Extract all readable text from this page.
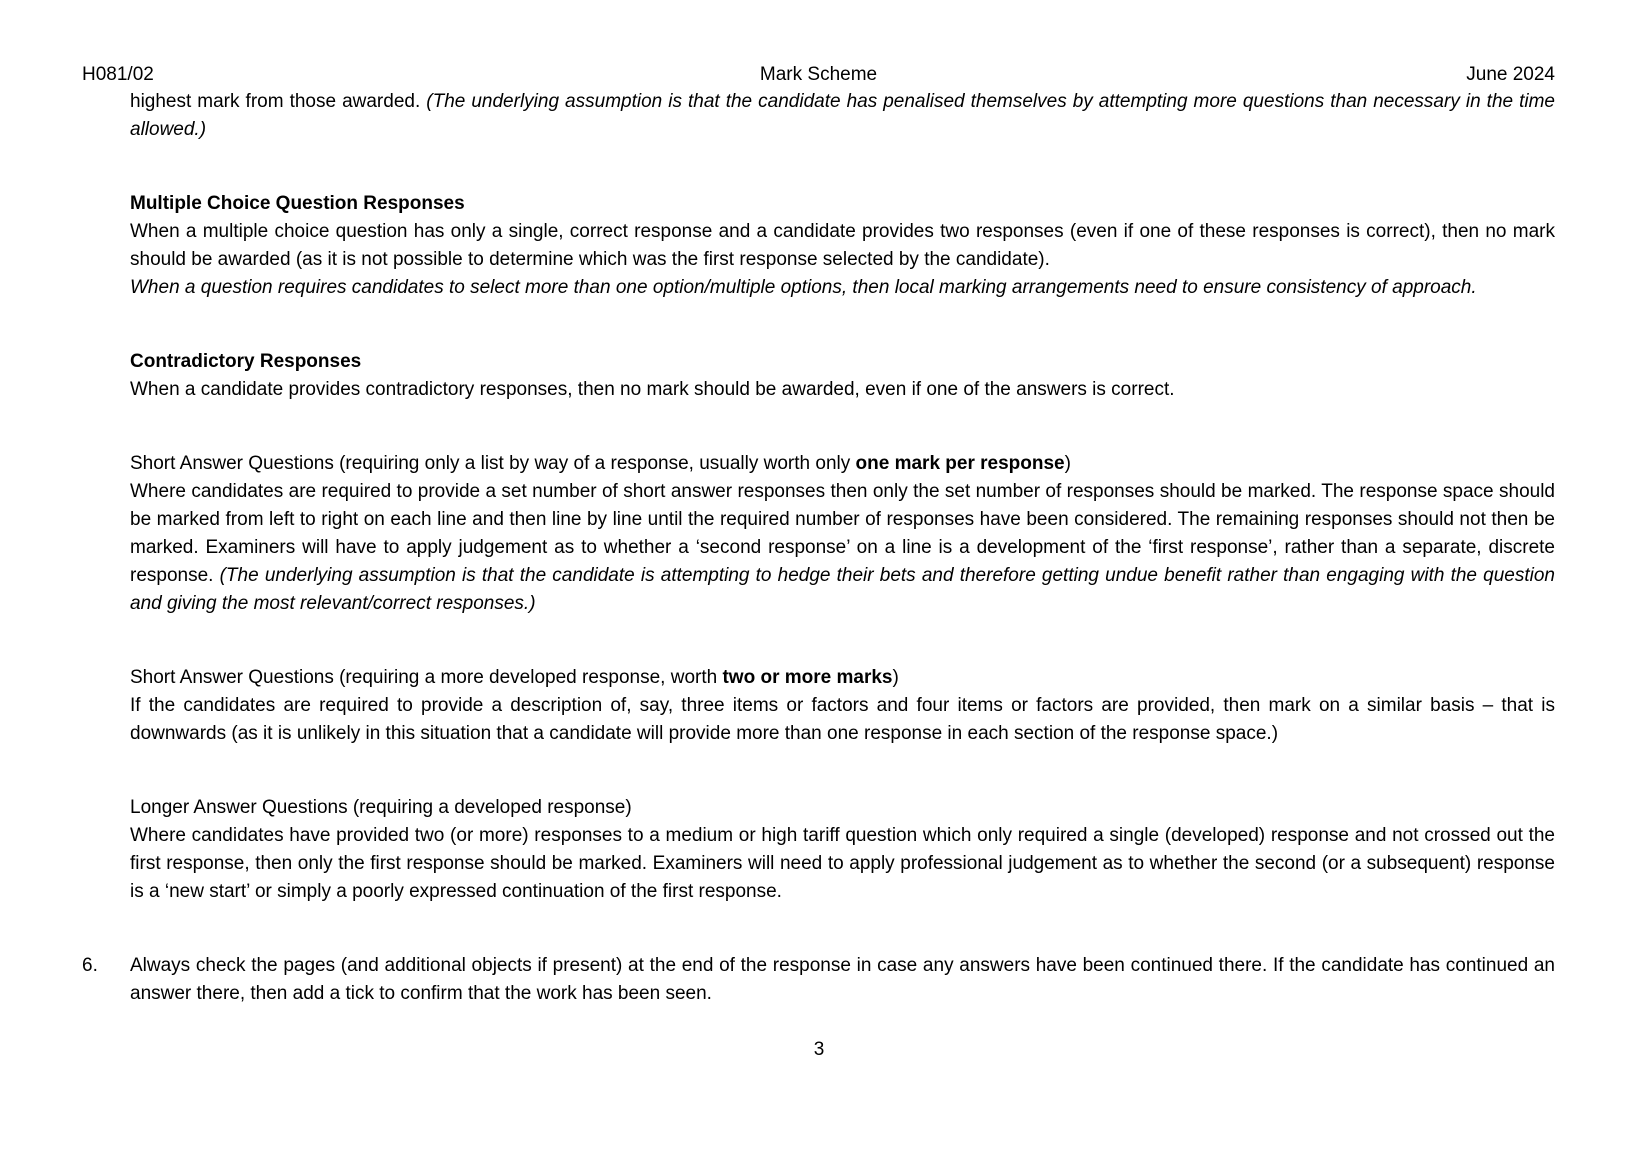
H081/02	Mark Scheme	June 2024

highest mark from those awarded. (The underlying assumption is that the candidate has penalised themselves by attempting more questions than necessary in the time allowed.)

Multiple Choice Question Responses

When a multiple choice question has only a single, correct response and a candidate provides two responses (even if one of these responses is correct), then no mark should be awarded (as it is not possible to determine which was the first response selected by the candidate).

When a question requires candidates to select more than one option/multiple options, then local marking arrangements need to ensure consistency of approach.

Contradictory Responses

When a candidate provides contradictory responses, then no mark should be awarded, even if one of the answers is correct.

Short Answer Questions (requiring only a list by way of a response, usually worth only one mark per response)

Where candidates are required to provide a set number of short answer responses then only the set number of responses should be marked. The response space should be marked from left to right on each line and then line by line until the required number of responses have been considered. The remaining responses should not then be marked. Examiners will have to apply judgement as to whether a ‘second response’ on a line is a development of the ‘first response’, rather than a separate, discrete response. (The underlying assumption is that the candidate is attempting to hedge their bets and therefore getting undue benefit rather than engaging with the question and giving the most relevant/correct responses.)

Short Answer Questions (requiring a more developed response, worth two or more marks)

If the candidates are required to provide a description of, say, three items or factors and four items or factors are provided, then mark on a similar basis – that is downwards (as it is unlikely in this situation that a candidate will provide more than one response in each section of the response space.)

Longer Answer Questions (requiring a developed response)

Where candidates have provided two (or more) responses to a medium or high tariff question which only required a single (developed) response and not crossed out the first response, then only the first response should be marked. Examiners will need to apply professional judgement as to whether the second (or a subsequent) response is a ‘new start’ or simply a poorly expressed continuation of the first response.

6.	Always check the pages (and additional objects if present) at the end of the response in case any answers have been continued there. If the candidate has continued an answer there, then add a tick to confirm that the work has been seen.
3
